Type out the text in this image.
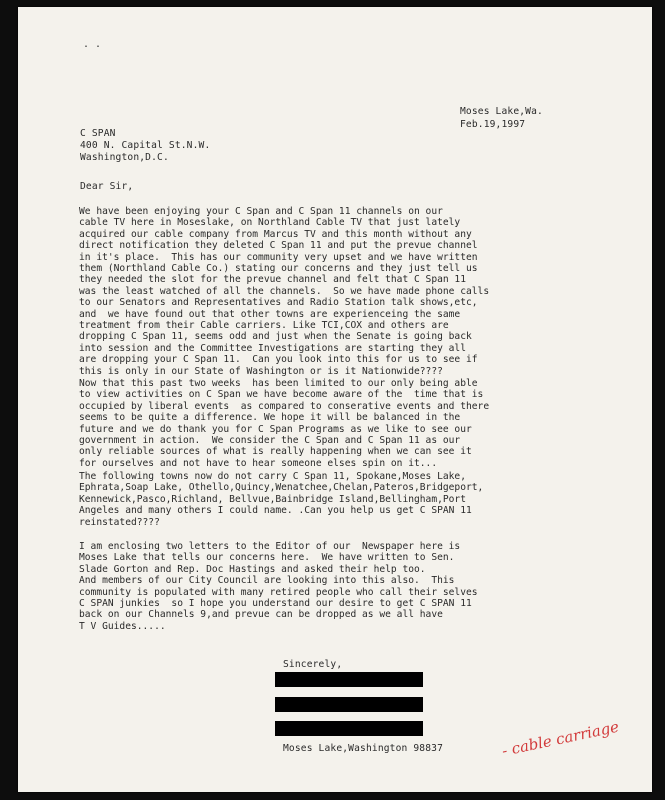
. .
Moses Lake,Wa.
Feb.19,1997
C SPAN
400 N. Capital St.N.W.
Washington,D.C.
Dear Sir,
We have been enjoying your C Span and C Span 11 channels on our
cable TV here in Moseslake, on Northland Cable TV that just lately
acquired our cable company from Marcus TV and this month without any
direct notification they deleted C Span 11 and put the prevue channel
in it's place.  This has our community very upset and we have written
them (Northland Cable Co.) stating our concerns and they just tell us
they needed the slot for the prevue channel and felt that C Span 11
was the least watched of all the channels.  So we have made phone calls
to our Senators and Representatives and Radio Station talk shows,etc,
and  we have found out that other towns are experienceing the same
treatment from their Cable carriers. Like TCI,COX and others are
dropping C Span 11, seems odd and just when the Senate is going back
into session and the Committee Investigations are starting they all
are dropping your C Span 11.  Can you look into this for us to see if
this is only in our State of Washington or is it Nationwide????
Now that this past two weeks  has been limited to our only being able
to view activities on C Span we have become aware of the  time that is
occupied by liberal events  as compared to conserative events and there
seems to be quite a difference. We hope it will be balanced in the
future and we do thank you for C Span Programs as we like to see our
government in action.  We consider the C Span and C Span 11 as our
only reliable sources of what is really happening when we can see it
for ourselves and not have to hear someone elses spin on it...
The following towns now do not carry C Span 11, Spokane,Moses Lake,
Ephrata,Soap Lake, Othello,Quincy,Wenatchee,Chelan,Pateros,Bridgeport,
Kennewick,Pasco,Richland, Bellvue,Bainbridge Island,Bellingham,Port
Angeles and many others I could name. .Can you help us get C SPAN 11
reinstated????
I am enclosing two letters to the Editor of our  Newspaper here is
Moses Lake that tells our concerns here.  We have written to Sen.
Slade Gorton and Rep. Doc Hastings and asked their help too.
And members of our City Council are looking into this also.  This
community is populated with many retired people who call their selves
C SPAN junkies  so I hope you understand our desire to get C SPAN 11
back on our Channels 9,and prevue can be dropped as we all have
T V Guides.....
Sincerely,
Moses Lake,Washington 98837	- cable carriage
